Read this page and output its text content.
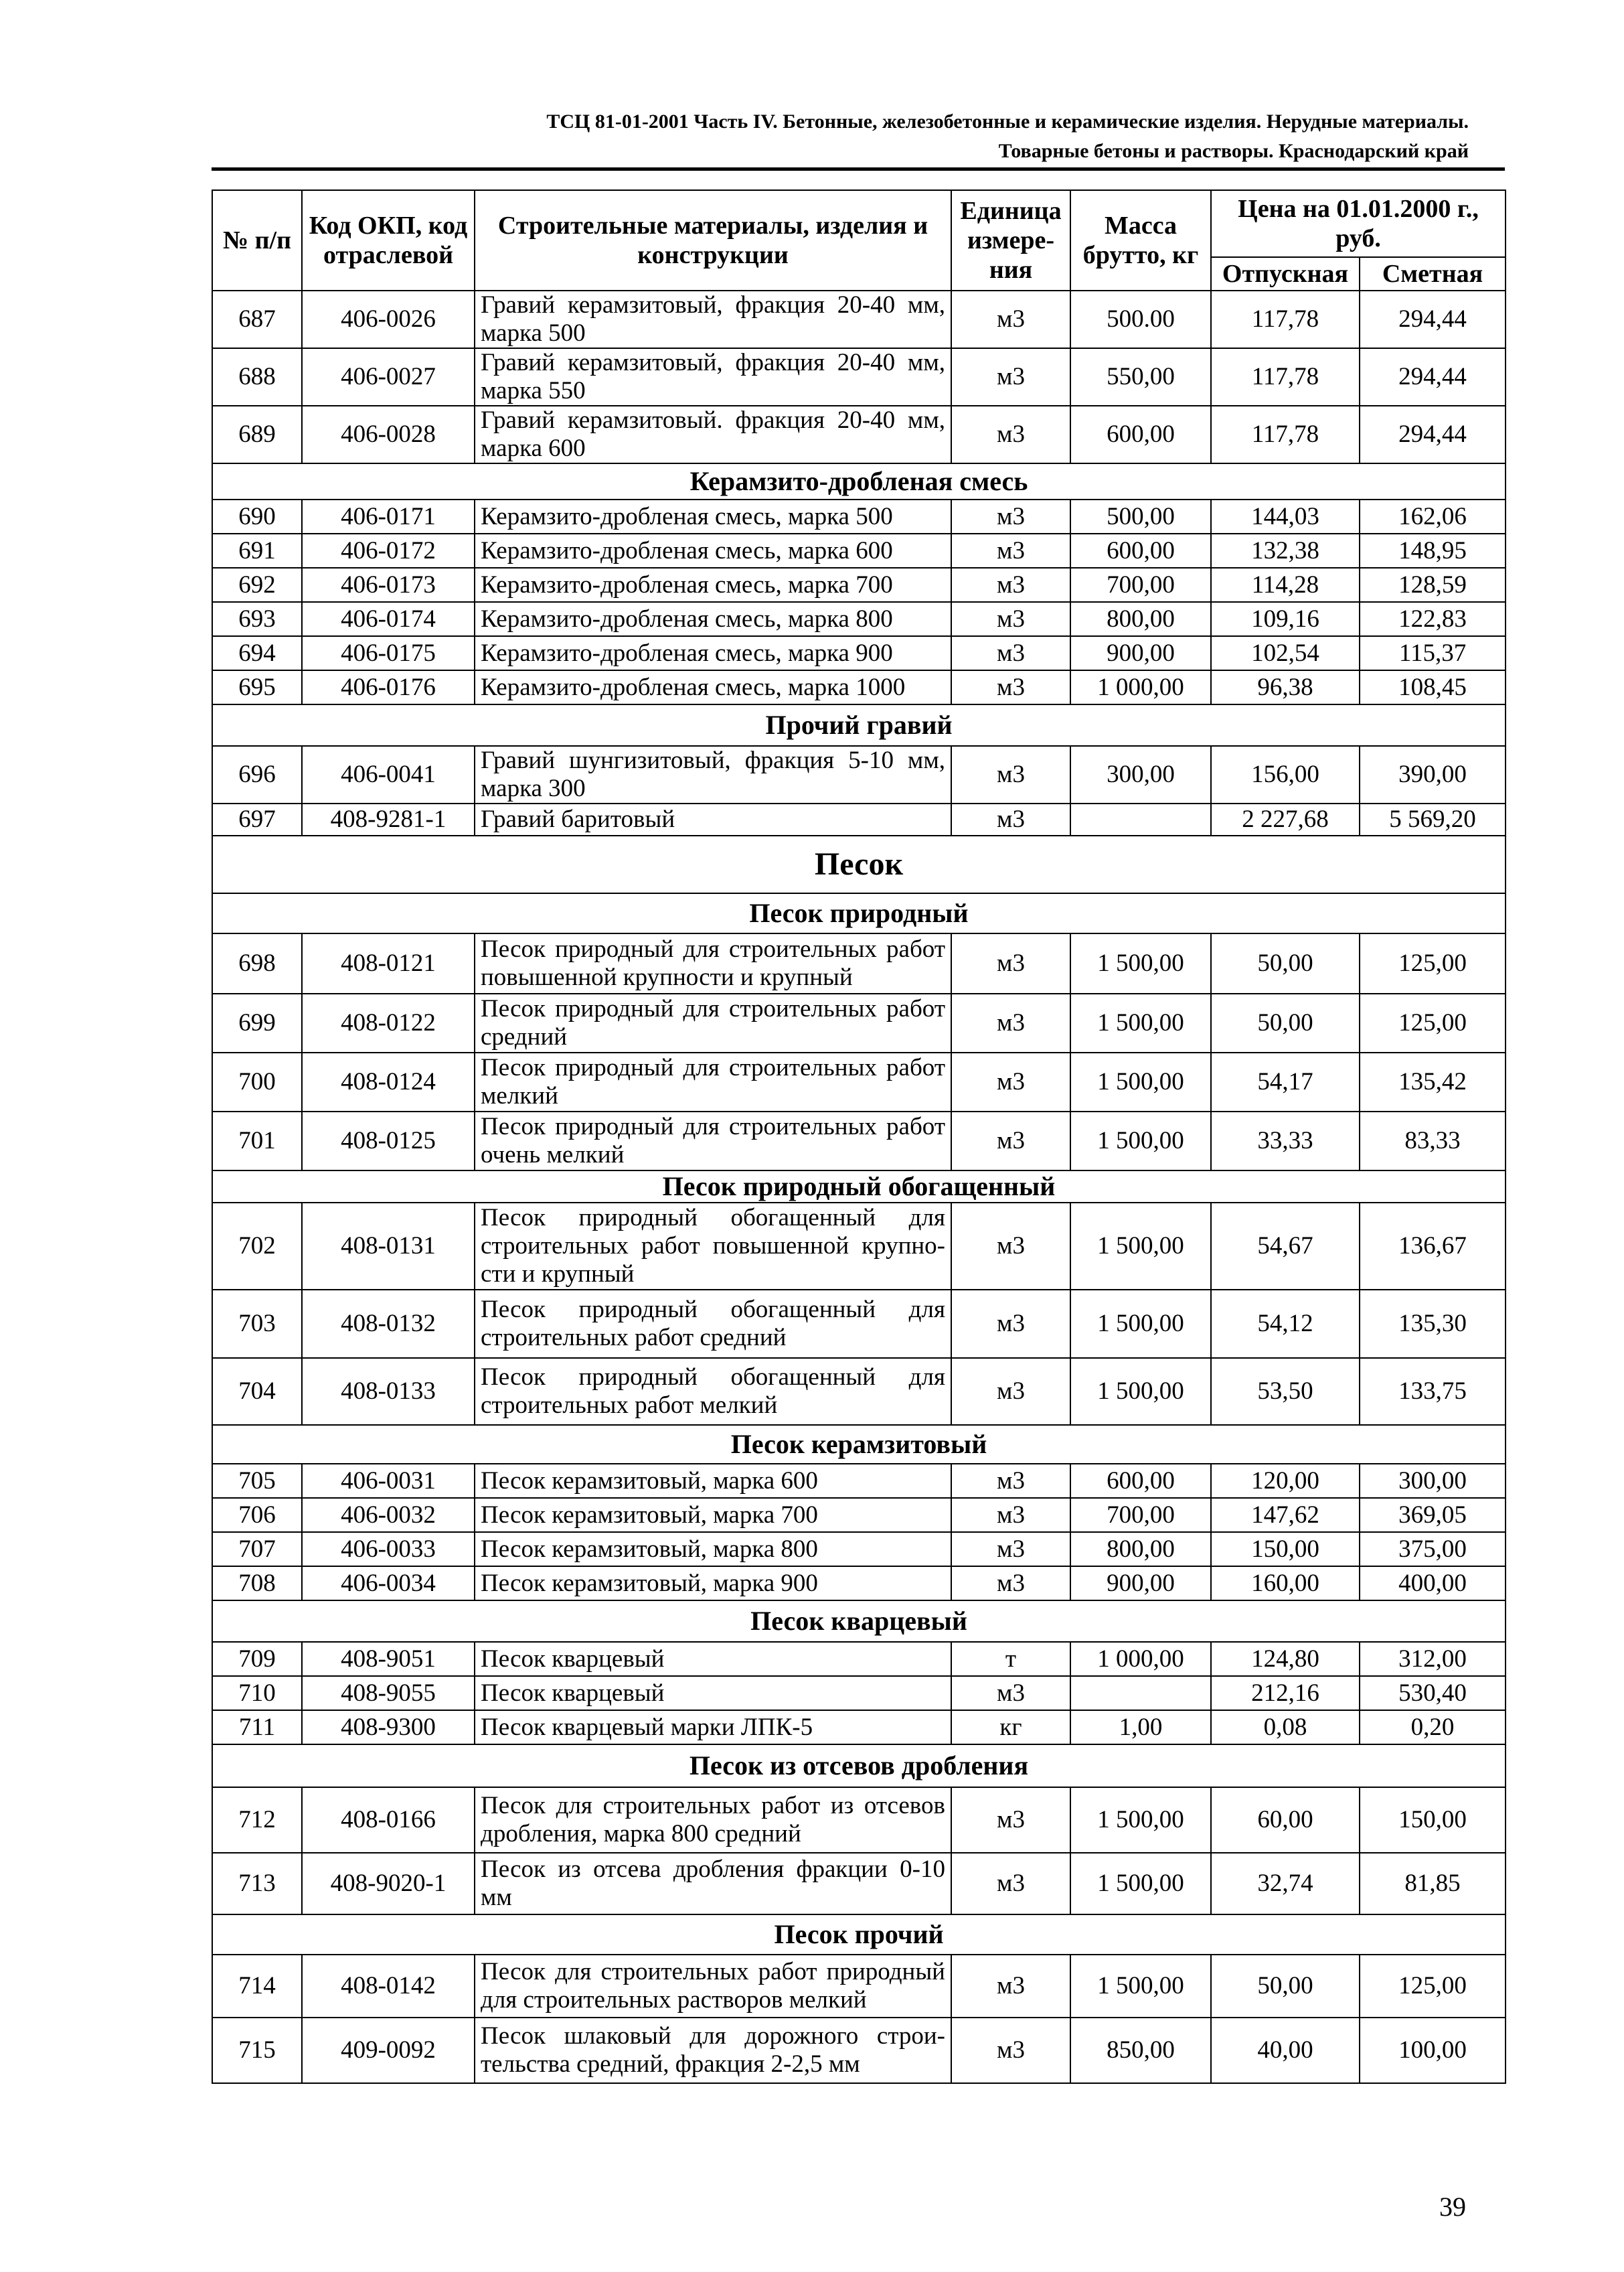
ТСЦ 81-01-2001 Часть IV. Бетонные, железобетонные и керамические изделия. Нерудные материалы.
Товарные бетоны и растворы. Краснодарский край
№ п/п	Код ОКП, код отраслевой	Строительные материалы, изделия и конструкции	Единица измере-ния	Масса брутто, кг	Цена на 01.01.2000 г., руб.	
					Отпускная	Сметная
687	406-0026	Гравий керамзитовый, фракция 20-40 мм, марка 500	м3	500.00	117,78	294,44
688	406-0027	Гравий керамзитовый, фракция 20-40 мм, марка 550	м3	550,00	117,78	294,44
689	406-0028	Гравий керамзитовый. фракция 20-40 мм, марка 600	м3	600,00	117,78	294,44
Керамзито-дробленая смесь						
690	406-0171	Керамзито-дробленая смесь, марка 500	м3	500,00	144,03	162,06
691	406-0172	Керамзито-дробленая смесь, марка 600	м3	600,00	132,38	148,95
692	406-0173	Керамзито-дробленая смесь, марка 700	м3	700,00	114,28	128,59
693	406-0174	Керамзито-дробленая смесь, марка 800	м3	800,00	109,16	122,83
694	406-0175	Керамзито-дробленая смесь, марка 900	м3	900,00	102,54	115,37
695	406-0176	Керамзито-дробленая смесь, марка 1000	м3	1 000,00	96,38	108,45
Прочий гравий						
696	406-0041	Гравий шунгизитовый, фракция 5-10 мм, марка 300	м3	300,00	156,00	390,00
697	408-9281-1	Гравий баритовый	м3		2 227,68	5 569,20
Песок						
Песок природный						
698	408-0121	Песок природный для строительных работ повышенной крупности и крупный	м3	1 500,00	50,00	125,00
699	408-0122	Песок природный для строительных работ средний	м3	1 500,00	50,00	125,00
700	408-0124	Песок природный для строительных работ мелкий	м3	1 500,00	54,17	135,42
701	408-0125	Песок природный для строительных работ очень мелкий	м3	1 500,00	33,33	83,33
Песок природный обогащенный						
702	408-0131	Песок природный обогащенный для строительных работ повышенной крупно-сти и крупный	м3	1 500,00	54,67	136,67
703	408-0132	Песок природный обогащенный для строительных работ средний	м3	1 500,00	54,12	135,30
704	408-0133	Песок природный обогащенный для строительных работ мелкий	м3	1 500,00	53,50	133,75
Песок керамзитовый						
705	406-0031	Песок керамзитовый, марка 600	м3	600,00	120,00	300,00
706	406-0032	Песок керамзитовый, марка 700	м3	700,00	147,62	369,05
707	406-0033	Песок керамзитовый, марка 800	м3	800,00	150,00	375,00
708	406-0034	Песок керамзитовый, марка 900	м3	900,00	160,00	400,00
Песок кварцевый						
709	408-9051	Песок кварцевый	т	1 000,00	124,80	312,00
710	408-9055	Песок кварцевый	м3		212,16	530,40
711	408-9300	Песок кварцевый марки ЛПК-5	кг	1,00	0,08	0,20
Песок из отсевов дробления						
712	408-0166	Песок для строительных работ из отсевов дробления, марка 800 средний	м3	1 500,00	60,00	150,00
713	408-9020-1	Песок из отсева дробления фракции 0-10 мм	м3	1 500,00	32,74	81,85
Песок прочий						
714	408-0142	Песок для строительных работ природный для строительных растворов мелкий	м3	1 500,00	50,00	125,00
715	409-0092	Песок шлаковый для дорожного строи-тельства средний, фракция 2-2,5 мм	м3	850,00	40,00	100,00
39
